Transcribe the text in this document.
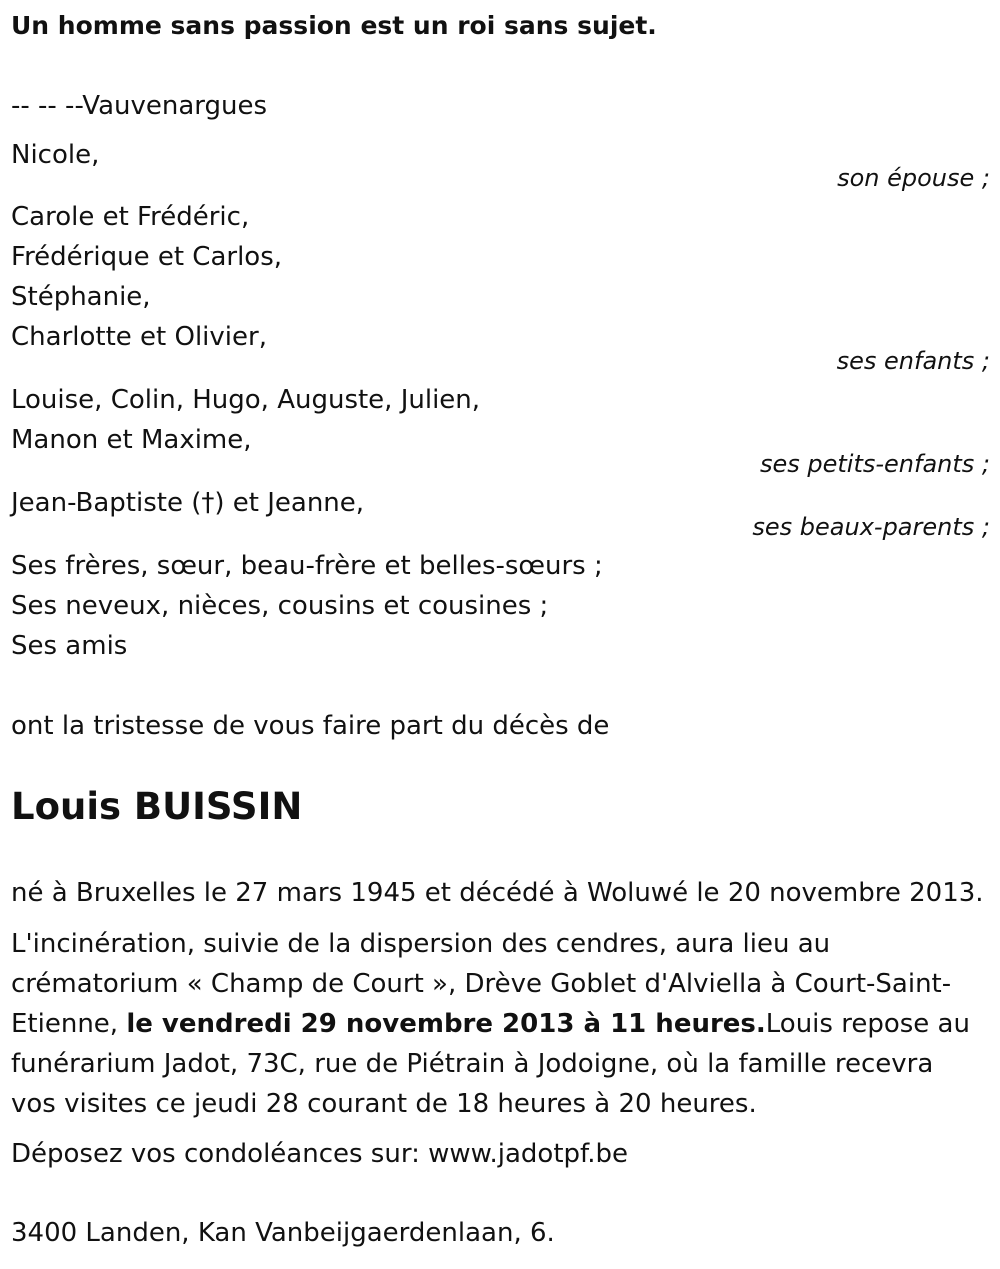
Un homme sans passion est un roi sans sujet.
-- -- --Vauvenargues
Nicole,
son épouse ;
Carole et Frédéric,
Frédérique et Carlos,
Stéphanie,
Charlotte et Olivier,
ses enfants ;
Louise, Colin, Hugo, Auguste, Julien,
Manon et Maxime,
ses petits-enfants ;
Jean-Baptiste (†) et Jeanne,
ses beaux-parents ;
Ses frères, sœur, beau-frère et belles-sœurs ;
Ses neveux, nièces, cousins et cousines ;
Ses amis
ont la tristesse de vous faire part du décès de
Louis BUISSIN
né à Bruxelles le 27 mars 1945 et décédé à Woluwé le 20 novembre 2013.
L'incinération, suivie de la dispersion des cendres, aura lieu au crématorium « Champ de Court », Drève Goblet d'Alviella à Court-Saint-Etienne, le vendredi 29 novembre 2013 à 11 heures.Louis repose au funérarium Jadot, 73C, rue de Piétrain à Jodoigne, où la famille recevra vos visites ce jeudi 28 courant de 18 heures à 20 heures.
Déposez vos condoléances sur: www.jadotpf.be
3400 Landen, Kan Vanbeijgaerdenlaan, 6.
